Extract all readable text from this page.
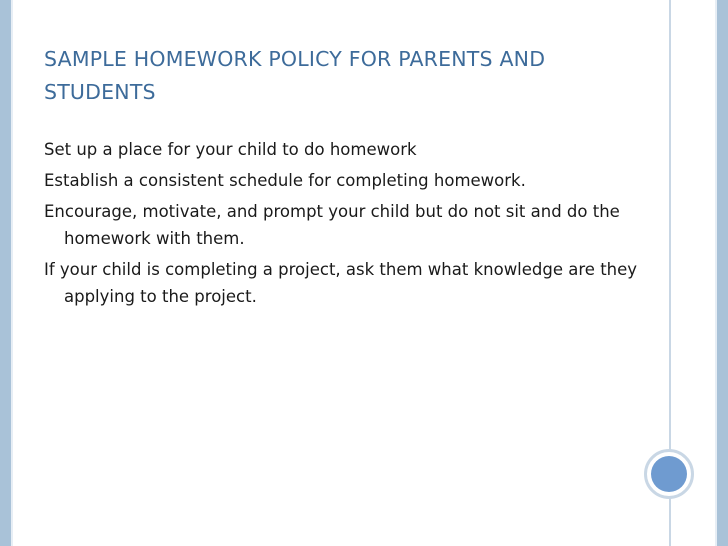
SAMPLE HOMEWORK POLICY FOR PARENTS AND STUDENTS
Set up a place for your child to do homework
Establish a consistent schedule for completing homework.
Encourage, motivate, and prompt your child but do not sit and do the homework with them.
If your child is completing a project, ask them what knowledge are they applying to the project.
